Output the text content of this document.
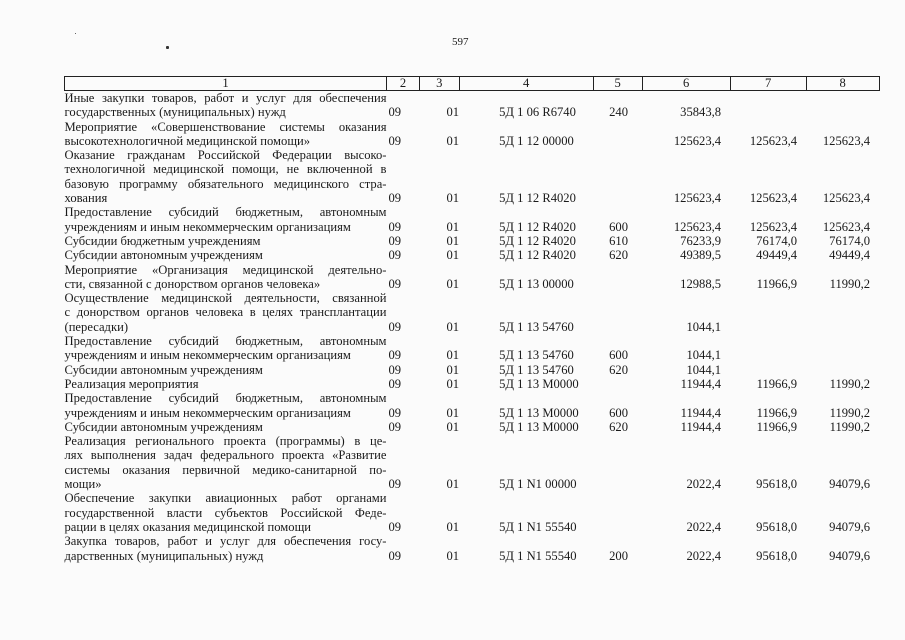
597
1	2	3	4	5	6	7	8

Иные закупки товаров, работ и услуг для обеспечения
государственных (муниципальных) нужд	09	01	5Д 1 06 R6740	240	35843,8		

Мероприятие «Совершенствование системы оказания
высокотехнологичной медицинской помощи»	09	01	5Д 1 12 00000		125623,4	125623,4	125623,4

Оказание гражданам Российской Федерации высоко-
технологичной медицинской помощи, не включенной в
базовую программу обязательного медицинского стра-
хования	09	01	5Д 1 12 R4020		125623,4	125623,4	125623,4

Предоставление субсидий бюджетным, автономным
учреждениям и иным некоммерческим организациям	09	01	5Д 1 12 R4020	600	125623,4	125623,4	125623,4

Субсидии бюджетным учреждениям	09	01	5Д 1 12 R4020	610	76233,9	76174,0	76174,0

Субсидии автономным учреждениям	09	01	5Д 1 12 R4020	620	49389,5	49449,4	49449,4

Мероприятие «Организация медицинской деятельно-
сти, связанной с донорством органов человека»	09	01	5Д 1 13 00000		12988,5	11966,9	11990,2

Осуществление медицинской деятельности, связанной
с донорством органов человека в целях трансплантации
(пересадки)	09	01	5Д 1 13 54760		1044,1		

Предоставление субсидий бюджетным, автономным
учреждениям и иным некоммерческим организациям	09	01	5Д 1 13 54760	600	1044,1		

Субсидии автономным учреждениям	09	01	5Д 1 13 54760	620	1044,1		

Реализация мероприятия	09	01	5Д 1 13 M0000		11944,4	11966,9	11990,2

Предоставление субсидий бюджетным, автономным
учреждениям и иным некоммерческим организациям	09	01	5Д 1 13 M0000	600	11944,4	11966,9	11990,2

Субсидии автономным учреждениям	09	01	5Д 1 13 M0000	620	11944,4	11966,9	11990,2

Реализация регионального проекта (программы) в це-
лях выполнения задач федерального проекта «Развитие
системы оказания первичной медико-санитарной по-
мощи»	09	01	5Д 1 N1 00000		2022,4	95618,0	94079,6

Обеспечение закупки авиационных работ органами
государственной власти субъектов Российской Феде-
рации в целях оказания медицинской помощи	09	01	5Д 1 N1 55540		2022,4	95618,0	94079,6

Закупка товаров, работ и услуг для обеспечения госу-
дарственных (муниципальных) нужд	09	01	5Д 1 N1 55540	200	2022,4	95618,0	94079,6
